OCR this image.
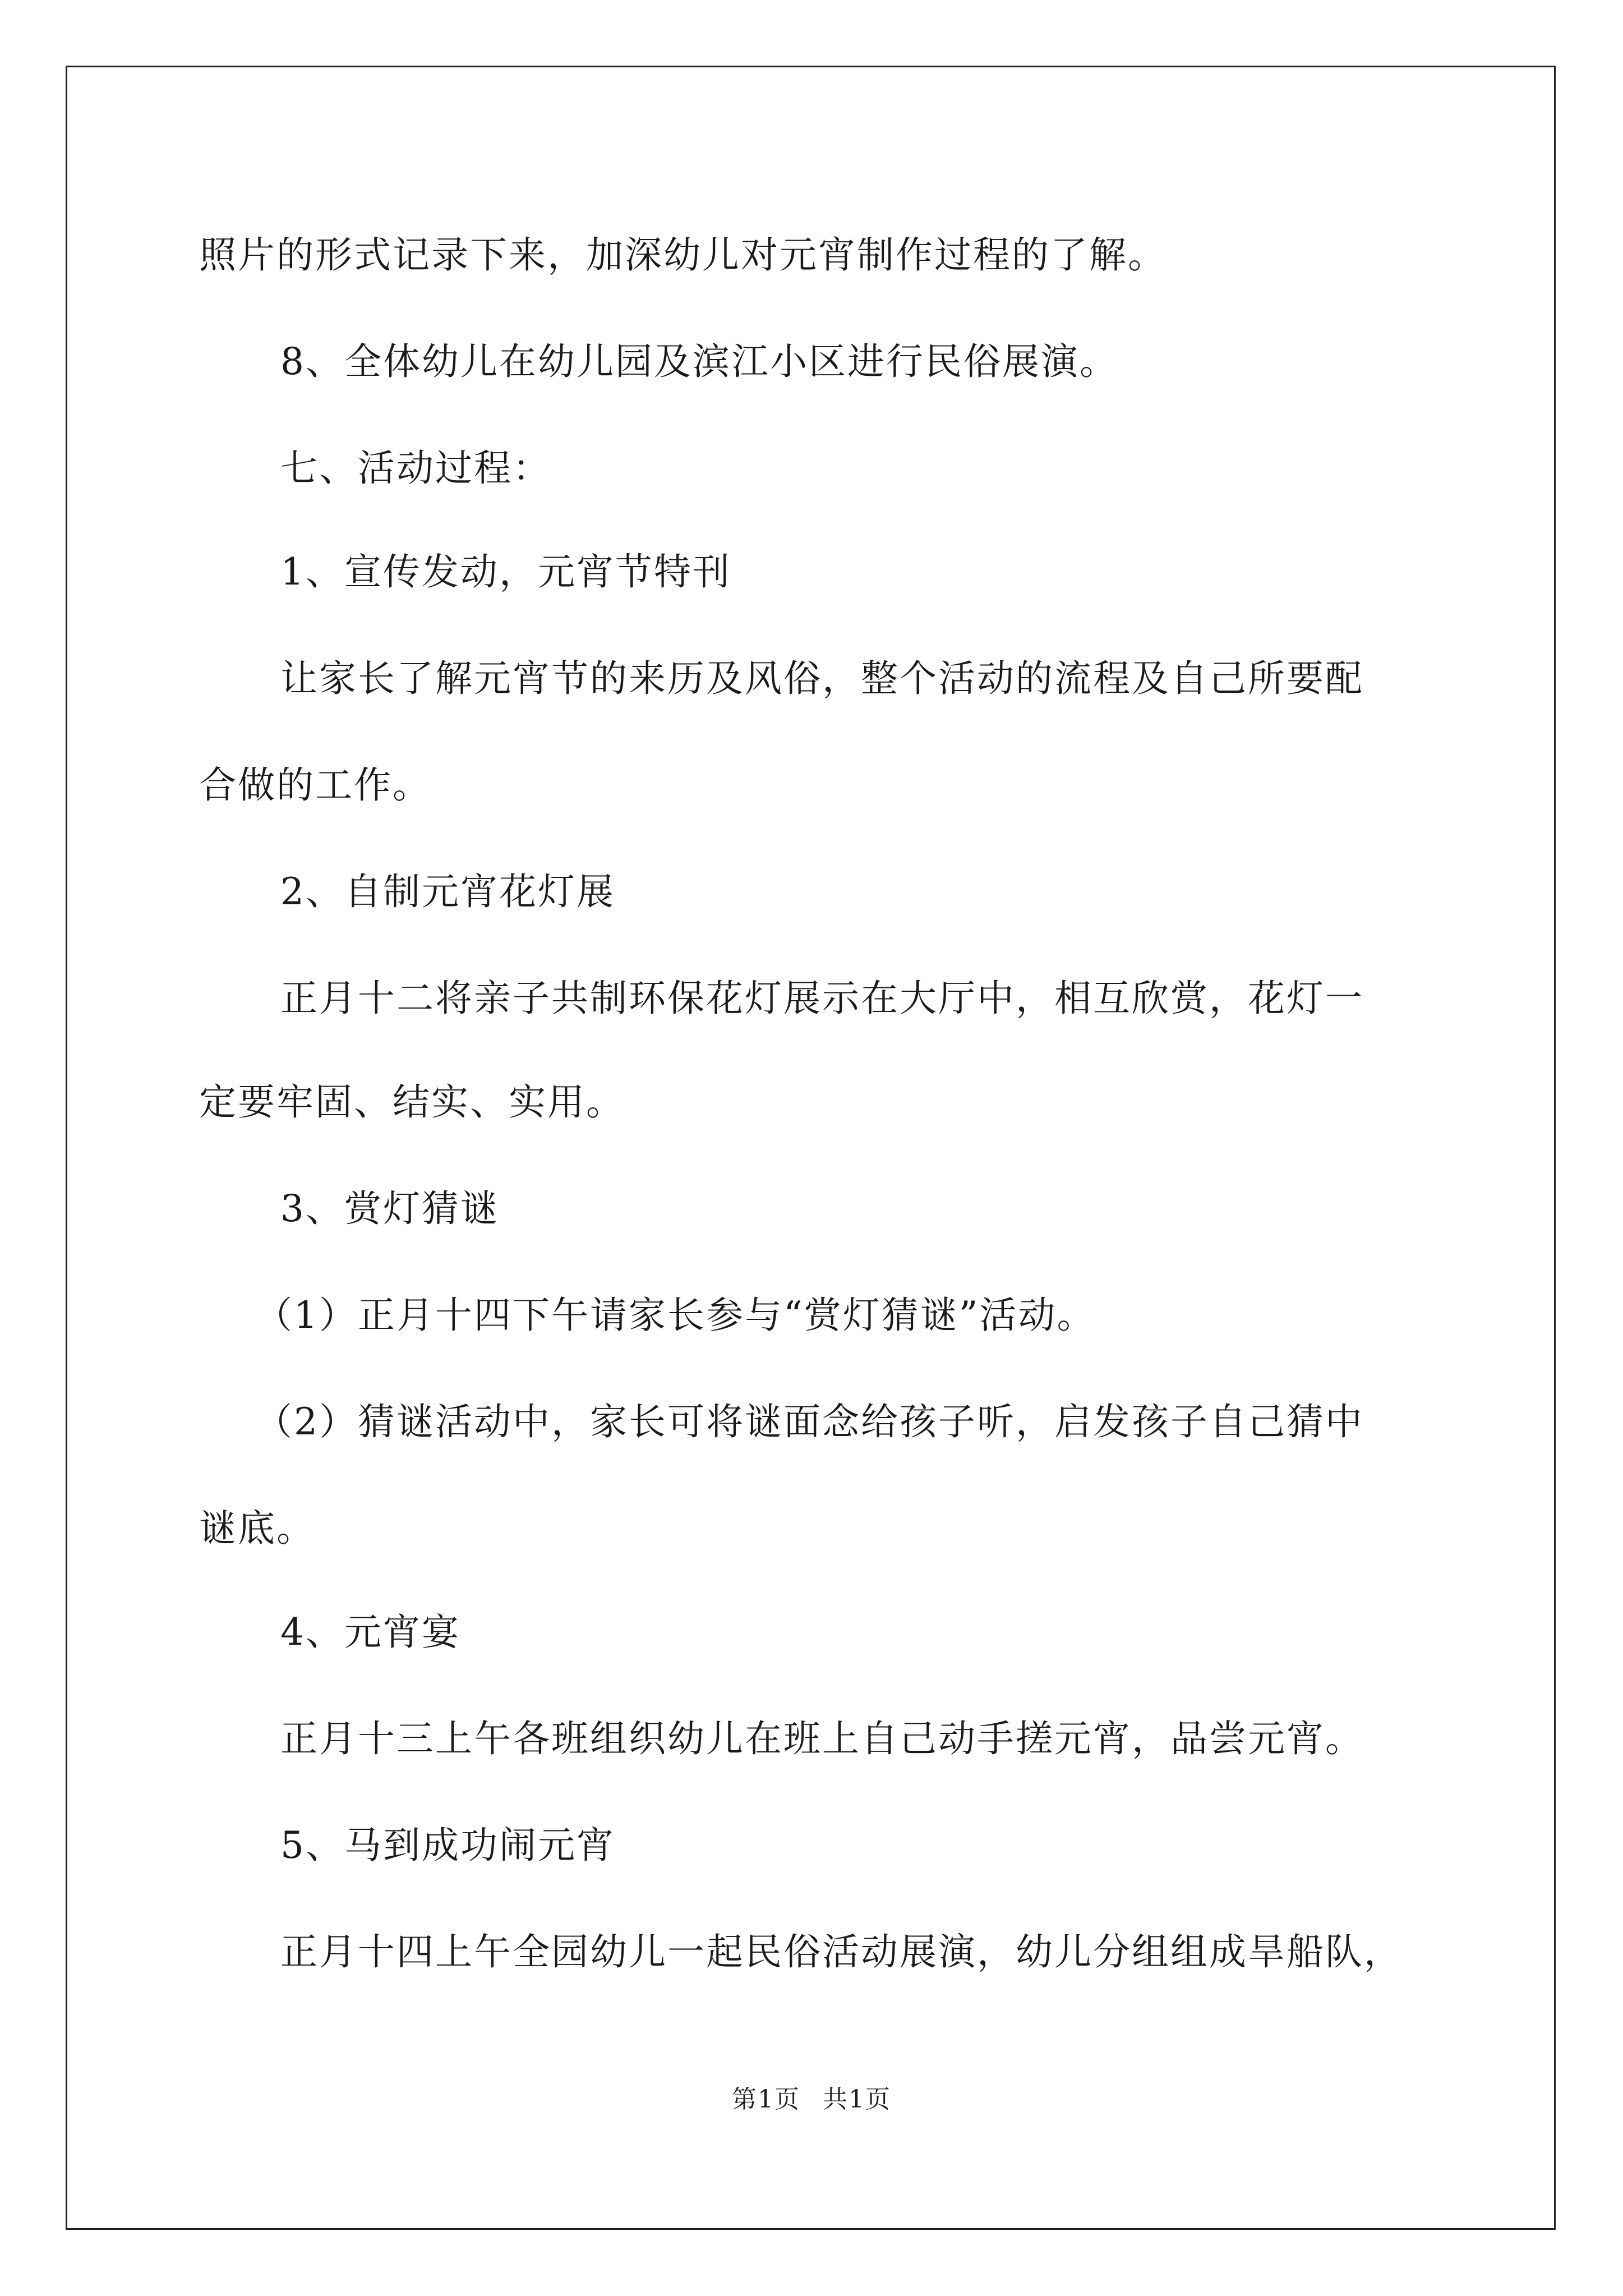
照片的形式记录下来，加深幼儿对元宵制作过程的了解。
8、全体幼儿在幼儿园及滨江小区进行民俗展演。
七、活动过程：
1、宣传发动，元宵节特刊
让家长了解元宵节的来历及风俗，整个活动的流程及自己所要配
合做的工作。
2、自制元宵花灯展
正月十二将亲子共制环保花灯展示在大厅中，相互欣赏，花灯一
定要牢固、结实、实用。
3、赏灯猜谜
（1）正月十四下午请家长参与“赏灯猜谜”活动。
（2）猜谜活动中，家长可将谜面念给孩子听，启发孩子自己猜中
谜底。
4、元宵宴
正月十三上午各班组织幼儿在班上自己动手搓元宵，品尝元宵。
5、马到成功闹元宵
正月十四上午全园幼儿一起民俗活动展演，幼儿分组组成旱船队，
第1页 共1页
